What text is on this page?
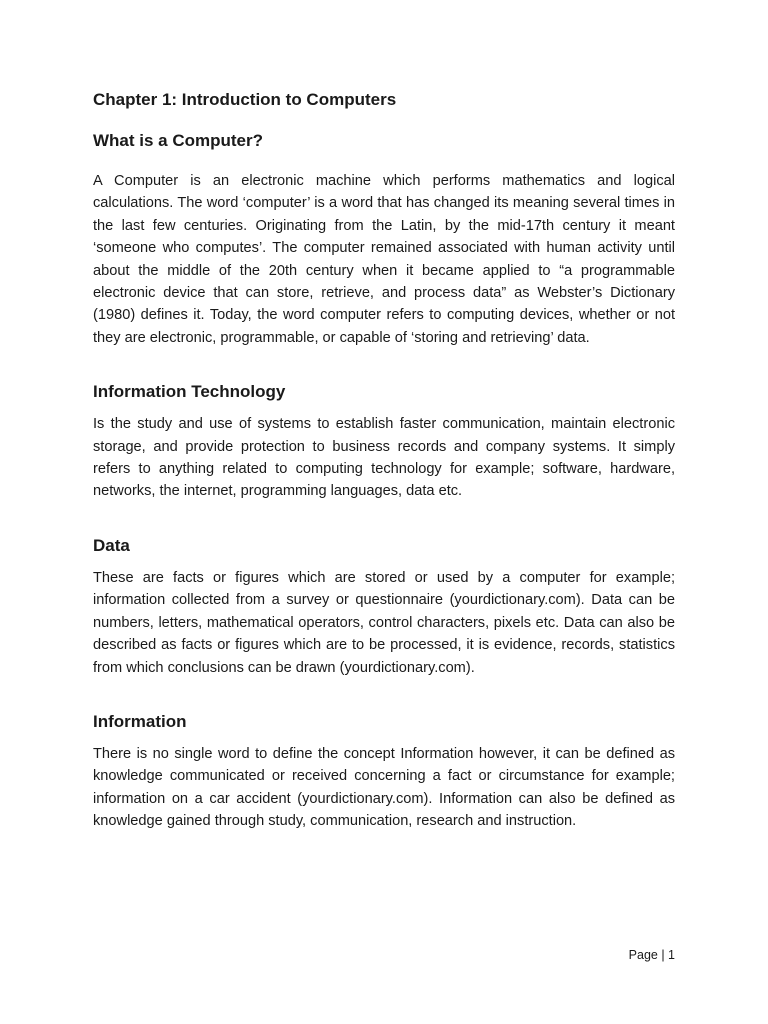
Chapter 1: Introduction to Computers
What is a Computer?

A Computer is an electronic machine which performs mathematics and logical calculations. The word ‘computer’ is a word that has changed its meaning several times in the last few centuries. Originating from the Latin, by the mid-17th century it meant ‘someone who computes’. The computer remained associated with human activity until about the middle of the 20th century when it became applied to “a programmable electronic device that can store, retrieve, and process data” as Webster’s Dictionary (1980) defines it. Today, the word computer refers to computing devices, whether or not they are electronic, programmable, or capable of ‘storing and retrieving’ data.

Information Technology

Is the study and use of systems to establish faster communication, maintain electronic storage, and provide protection to business records and company systems. It simply refers to anything related to computing technology for example; software, hardware, networks, the internet, programming languages, data etc.

Data

These are facts or figures which are stored or used by a computer for example; information collected from a survey or questionnaire (yourdictionary.com). Data can be numbers, letters, mathematical operators, control characters, pixels etc. Data can also be described as facts or figures which are to be processed, it is evidence, records, statistics from which conclusions can be drawn (yourdictionary.com).

Information

There is no single word to define the concept Information however, it can be defined as knowledge communicated or received concerning a fact or circumstance for example; information on a car accident (yourdictionary.com). Information can also be defined as knowledge gained through study, communication, research and instruction.

Page | 1
